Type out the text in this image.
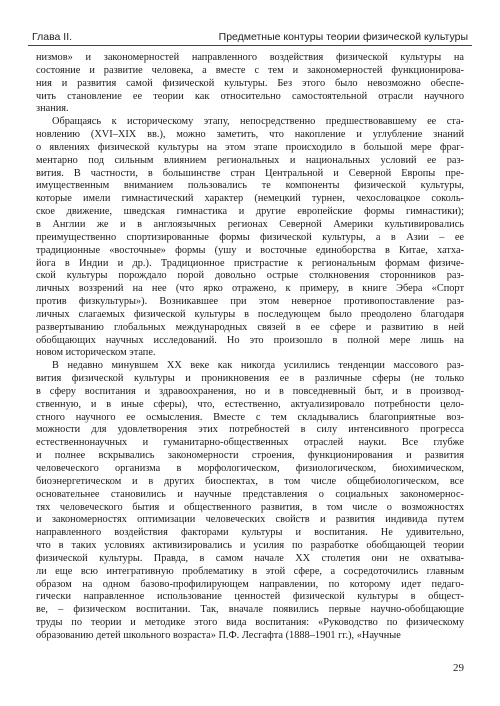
Глава II.	Предметные контуры теории физической культуры
низмов» и закономерностей направленного воздействия физической культуры на
состояние и развитие человека, а вместе с тем и закономерностей функционирова-
ния и развития самой физической культуры. Без этого было невозможно обеспе-
чить становление ее теории как относительно самостоятельной отрасли научного
знания.
Обращаясь к историческому этапу, непосредственно предшествовавшему ее ста-
новлению (XVI–XIX вв.), можно заметить, что накопление и углубление знаний
о явлениях физической культуры на этом этапе происходило в большой мере фраг-
ментарно под сильным влиянием региональных и национальных условий ее раз-
вития. В частности, в большинстве стран Центральной и Северной Европы пре-
имущественным вниманием пользовались те компоненты физической культуры,
которые имели гимнастический характер (немецкий турнен, чехословацкое соколь-
ское движение, шведская гимнастика и другие европейские формы гимнастики);
в Англии же и в англоязычных регионах Северной Америки культивировались
преимущественно спортизированные формы физической культуры, а в Азии – ее
традиционные «восточные» формы (ушу и восточные единоборства в Китае, хатха-
йога в Индии и др.). Традиционное пристрастие к региональным формам физиче-
ской культуры порождало порой довольно острые столкновения сторонников раз-
личных воззрений на нее (что ярко отражено, к примеру, в книге Эбера «Спорт
против физкультуры»). Возникавшее при этом неверное противопоставление раз-
личных слагаемых физической культуры в последующем было преодолено благодаря
развертыванию глобальных международных связей в ее сфере и развитию в ней
обобщающих научных исследований. Но это произошло в полной мере лишь на
новом историческом этапе.
В недавно минувшем XX веке как никогда усилились тенденции массового раз-
вития физической культуры и проникновения ее в различные сферы (не только
в сферу воспитания и здравоохранения, но и в повседневный быт, и в производ-
ственную, и в иные сферы), что, естественно, актуализировало потребности цело-
стного научного ее осмысления. Вместе с тем складывались благоприятные воз-
можности для удовлетворения этих потребностей в силу интенсивного прогресса
естественнонаучных и гуманитарно-общественных отраслей науки. Все глубже
и полнее вскрывались закономерности строения, функционирования и развития
человеческого организма в морфологическом, физиологическом, биохимическом,
биоэнергетическом и в других биоспектах, в том числе общебиологическом, все
основательнее становились и научные представления о социальных закономернос-
тях человеческого бытия и общественного развития, в том числе о возможностях
и закономерностях оптимизации человеческих свойств и развития индивида путем
направленного воздействия факторами культуры и воспитания. Не удивительно,
что в таких условиях активизировались и усилия по разработке обобщающей теории
физической культуры. Правда, в самом начале XX столетия они не охватыва-
ли еще всю интегративную проблематику в этой сфере, а сосредоточились главным
образом на одном базово-профилирующем направлении, по которому идет педаго-
гически направленное использование ценностей физической культуры в общест-
ве, – физическом воспитании. Так, вначале появились первые научно-обобщающие
труды по теории и методике этого вида воспитания: «Руководство по физическому
образованию детей школьного возраста» П.Ф. Лесгафта (1888–1901 гг.), «Научные
29
